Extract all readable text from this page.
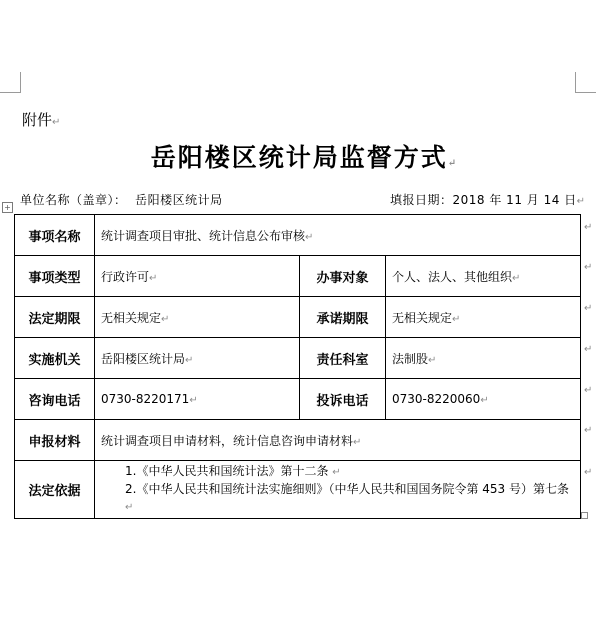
附件↵
岳阳楼区统计局监督方式↵
单位名称（盖章）： 岳阳楼区统计局	填报日期：2018 年 11 月 14 日↵
+
事项名称	统计调查项目审批、统计信息公布审核↵		
事项类型	行政许可↵	办事对象	个人、法人、其他组织↵
法定期限	无相关规定↵	承诺期限	无相关规定↵
实施机关	岳阳楼区统计局↵	责任科室	法制股↵
咨询电话	0730-8220171↵	投诉电话	0730-8220060↵
申报材料	统计调查项目申请材料，统计信息咨询申请材料↵		
法定依据	1.《中华人民共和国统计法》第十二条 ↵
2.《中华人民共和国统计法实施细则》（中华人民共和国国务院令第 453 号）第七条↵		
↵
↵
↵
↵
↵
↵
↵
